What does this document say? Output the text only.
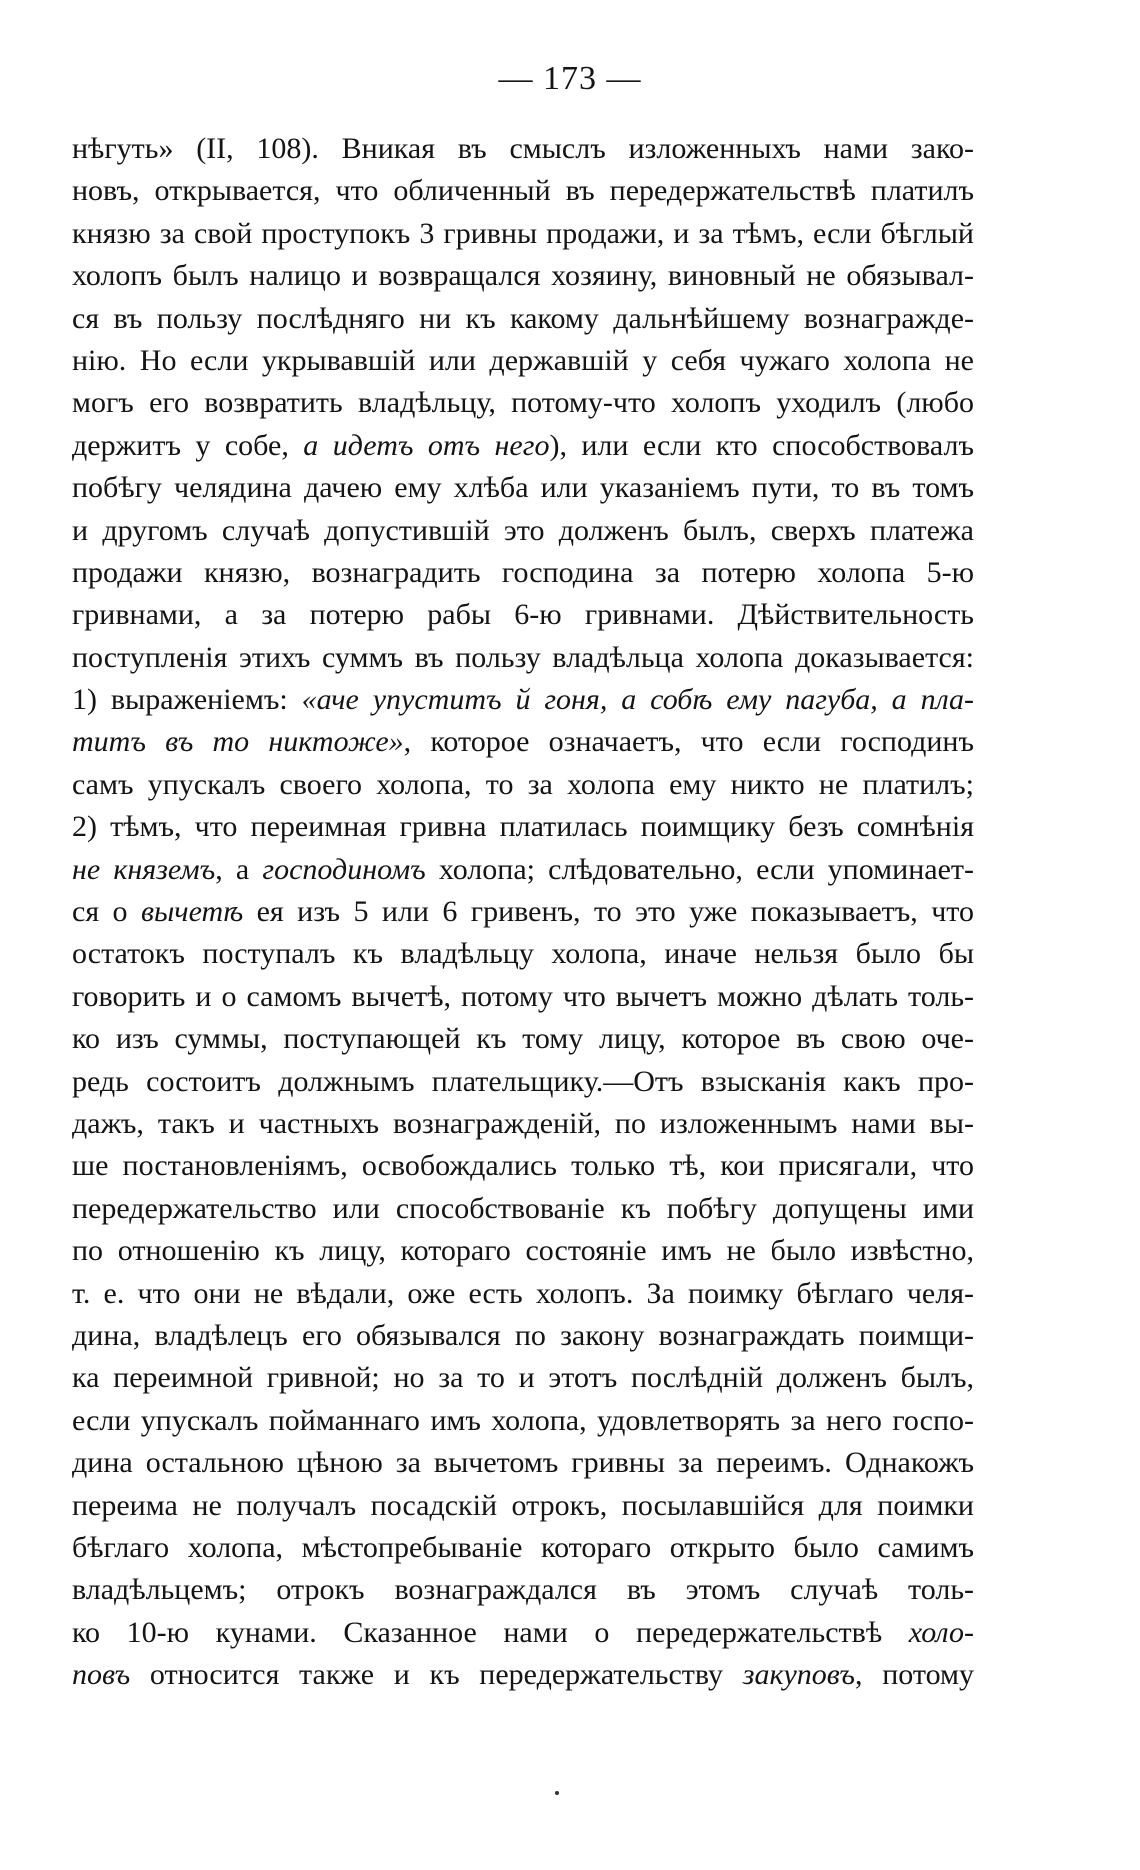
— 173 —
нѣгуть» (II, 108). Вникая въ смыслъ изложенныхъ нами зако-
новъ, открывается, что обличенный въ передержательствѣ платилъ
князю за свой проступокъ 3 гривны продажи, и за тѣмъ, если бѣглый
холопъ былъ налицо и возвращался хозяину, виновный не обязывал-
ся въ пользу послѣдняго ни къ какому дальнѣйшему вознагражде-
нію. Но если укрывавшій или державшій у себя чужаго холопа не
могъ его возвратить владѣльцу, потому-что холопъ уходилъ (любо
держитъ у собе, а идетъ отъ него), или если кто способствовалъ
побѣгу челядина дачею ему хлѣба или указаніемъ пути, то въ томъ
и другомъ случаѣ допустившій это долженъ былъ, сверхъ платежа
продажи князю, вознаградить господина за потерю холопа 5-ю
гривнами, а за потерю рабы 6-ю гривнами. Дѣйствительность
поступленія этихъ суммъ въ пользу владѣльца холопа доказывается:
1) выраженіемъ: «аче упуститъ й гоня, а собѣ ему пагуба, а пла-
титъ въ то никтоже», которое означаетъ, что если господинъ
самъ упускалъ своего холопа, то за холопа ему никто не платилъ;
2) тѣмъ, что переимная гривна платилась поимщику безъ сомнѣнія
не княземъ, а господиномъ холопа; слѣдовательно, если упоминает-
ся о вычетѣ ея изъ 5 или 6 гривенъ, то это уже показываетъ, что
остатокъ поступалъ къ владѣльцу холопа, иначе нельзя было бы
говорить и о самомъ вычетѣ, потому что вычетъ можно дѣлать толь-
ко изъ суммы, поступающей къ тому лицу, которое въ свою оче-
редь состоитъ должнымъ плательщику.—Отъ взысканія какъ про-
дажъ, такъ и частныхъ вознагражденій, по изложеннымъ нами вы-
ше постановленіямъ, освобождались только тѣ, кои присягали, что
передержательство или способствованіе къ побѣгу допущены ими
по отношенію къ лицу, котораго состояніе имъ не было извѣстно,
т. е. что они не вѣдали, оже есть холопъ. За поимку бѣглаго челя-
дина, владѣлецъ его обязывался по закону вознаграждать поимщи-
ка переимной гривной; но за то и этотъ послѣдній долженъ былъ,
если упускалъ пойманнаго имъ холопа, удовлетворять за него госпо-
дина остальною цѣною за вычетомъ гривны за переимъ. Однакожъ
переима не получалъ посадскій отрокъ, посылавшійся для поимки
бѣглаго холопа, мѣстопребываніе котораго открыто было самимъ
владѣльцемъ; отрокъ вознаграждался въ этомъ случаѣ толь-
ко 10-ю кунами. Сказанное нами о передержательствѣ холо-
повъ относится также и къ передержательству закуповъ, потому
